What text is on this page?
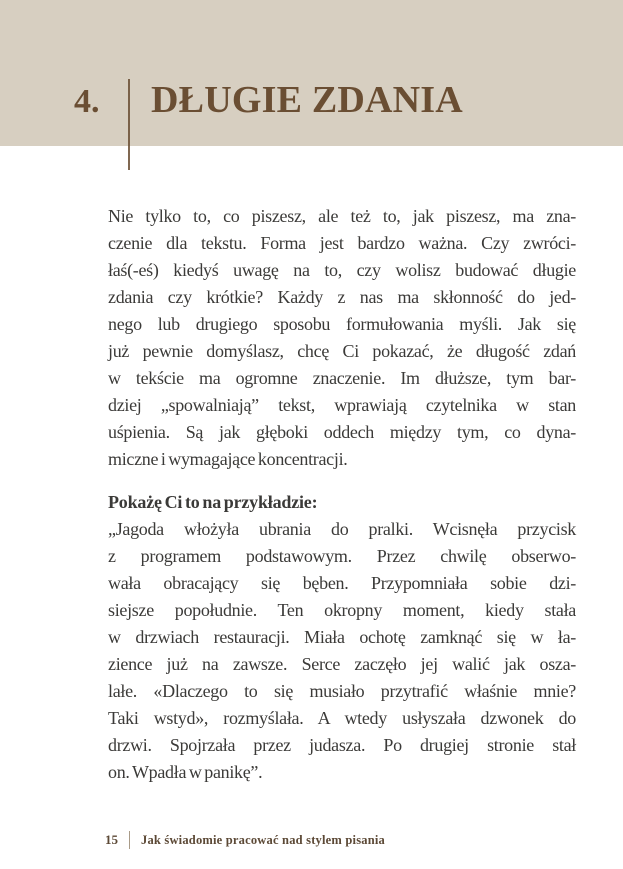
4. DŁUGIE ZDANIA
Nie tylko to, co piszesz, ale też to, jak piszesz, ma zna-
czenie dla tekstu. Forma jest bardzo ważna. Czy zwróci-
łaś(-eś) kiedyś uwagę na to, czy wolisz budować długie
zdania czy krótkie? Każdy z nas ma skłonność do jed-
nego lub drugiego sposobu formułowania myśli. Jak się
już pewnie domyślasz, chcę Ci pokazać, że długość zdań
w tekście ma ogromne znaczenie. Im dłuższe, tym bar-
dziej „spowalniają” tekst, wprawiają czytelnika w stan
uśpienia. Są jak głęboki oddech między tym, co dyna-
miczne i wymagające koncentracji.
Pokażę Ci to na przykładzie:
„Jagoda włożyła ubrania do pralki. Wcisnęła przycisk
z programem podstawowym. Przez chwilę obserwo-
wała obracający się bęben. Przypomniała sobie dzi-
siejsze popołudnie. Ten okropny moment, kiedy stała
w drzwiach restauracji. Miała ochotę zamknąć się w ła-
zience już na zawsze. Serce zaczęło jej walić jak osza-
lałe. «Dlaczego to się musiało przytrafić właśnie mnie?
Taki wstyd», rozmyślała. A wtedy usłyszała dzwonek do
drzwi. Spojrzała przez judasza. Po drugiej stronie stał
on. Wpadła w panikę”.
15 Jak świadomie pracować nad stylem pisania
